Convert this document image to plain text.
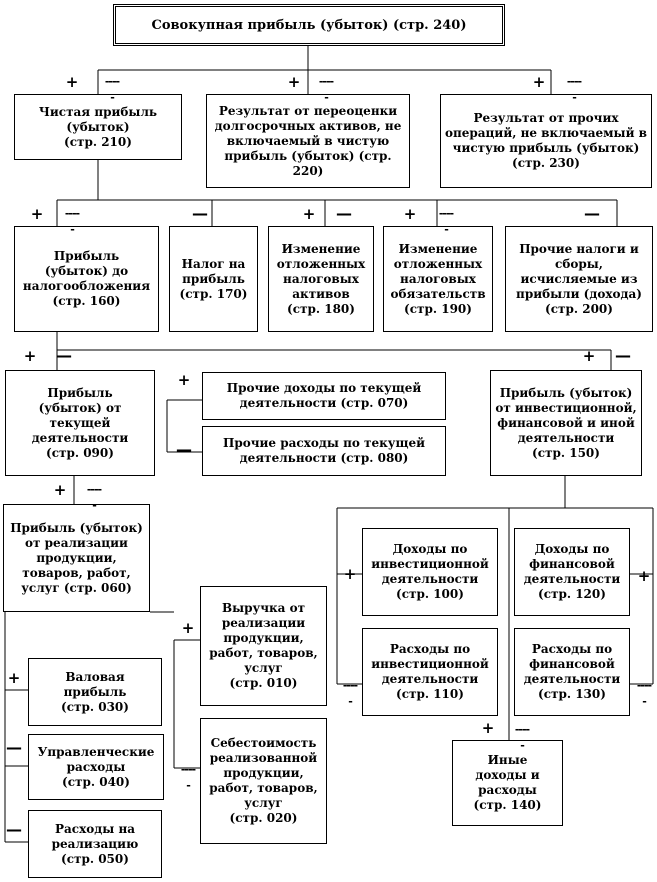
Совокупная прибыль (убыток) (стр. 240)
Чистая прибыль
(убыток)
(стр. 210)
Результат от переоценки
долгосрочных активов, не
включаемый в чистую
прибыль (убыток) (стр. 220)
Результат от прочих
операций, не включаемый в
чистую прибыль (убыток)
(стр. 230)
Прибыль
(убыток) до
налогообложения
(стр. 160)
Налог на
прибыль
(стр. 170)
Изменение
отложенных
налоговых
активов
(стр. 180)
Изменение
отложенных
налоговых
обязательств
(стр. 190)
Прочие налоги и
сборы,
исчисляемые из
прибыли (дохода)
(стр. 200)
Прибыль
(убыток) от
текущей
деятельности
(стр. 090)
Прочие доходы по текущей
деятельности (стр. 070)
Прочие расходы по текущей
деятельности (стр. 080)
Прибыль (убыток)
от инвестиционной,
финансовой и иной
деятельности
(стр. 150)
Прибыль (убыток)
от реализации
продукции,
товаров, работ,
услуг (стр. 060)
Выручка от
реализации
продукции,
работ, товаров,
услуг
(стр. 010)
Себестоимость
реализованной
продукции,
работ, товаров,
услуг
(стр. 020)
Валовая
прибыль
(стр. 030)
Управленческие
расходы
(стр. 040)
Расходы на
реализацию
(стр. 050)
Доходы по
инвестиционной
деятельности
(стр. 100)
Доходы по
финансовой
деятельности
(стр. 120)
Расходы по
инвестиционной
деятельности
(стр. 110)
Расходы по
финансовой
деятельности
(стр. 130)
Иные
доходы и
расходы
(стр. 140)
+ -----
+ -----
+ -----
+ -----
—	+ —	+ -----
—
+ —	+ —
+
—
+ -----
+
-----
+
—
—
+
-----
+
-----
+ -----
